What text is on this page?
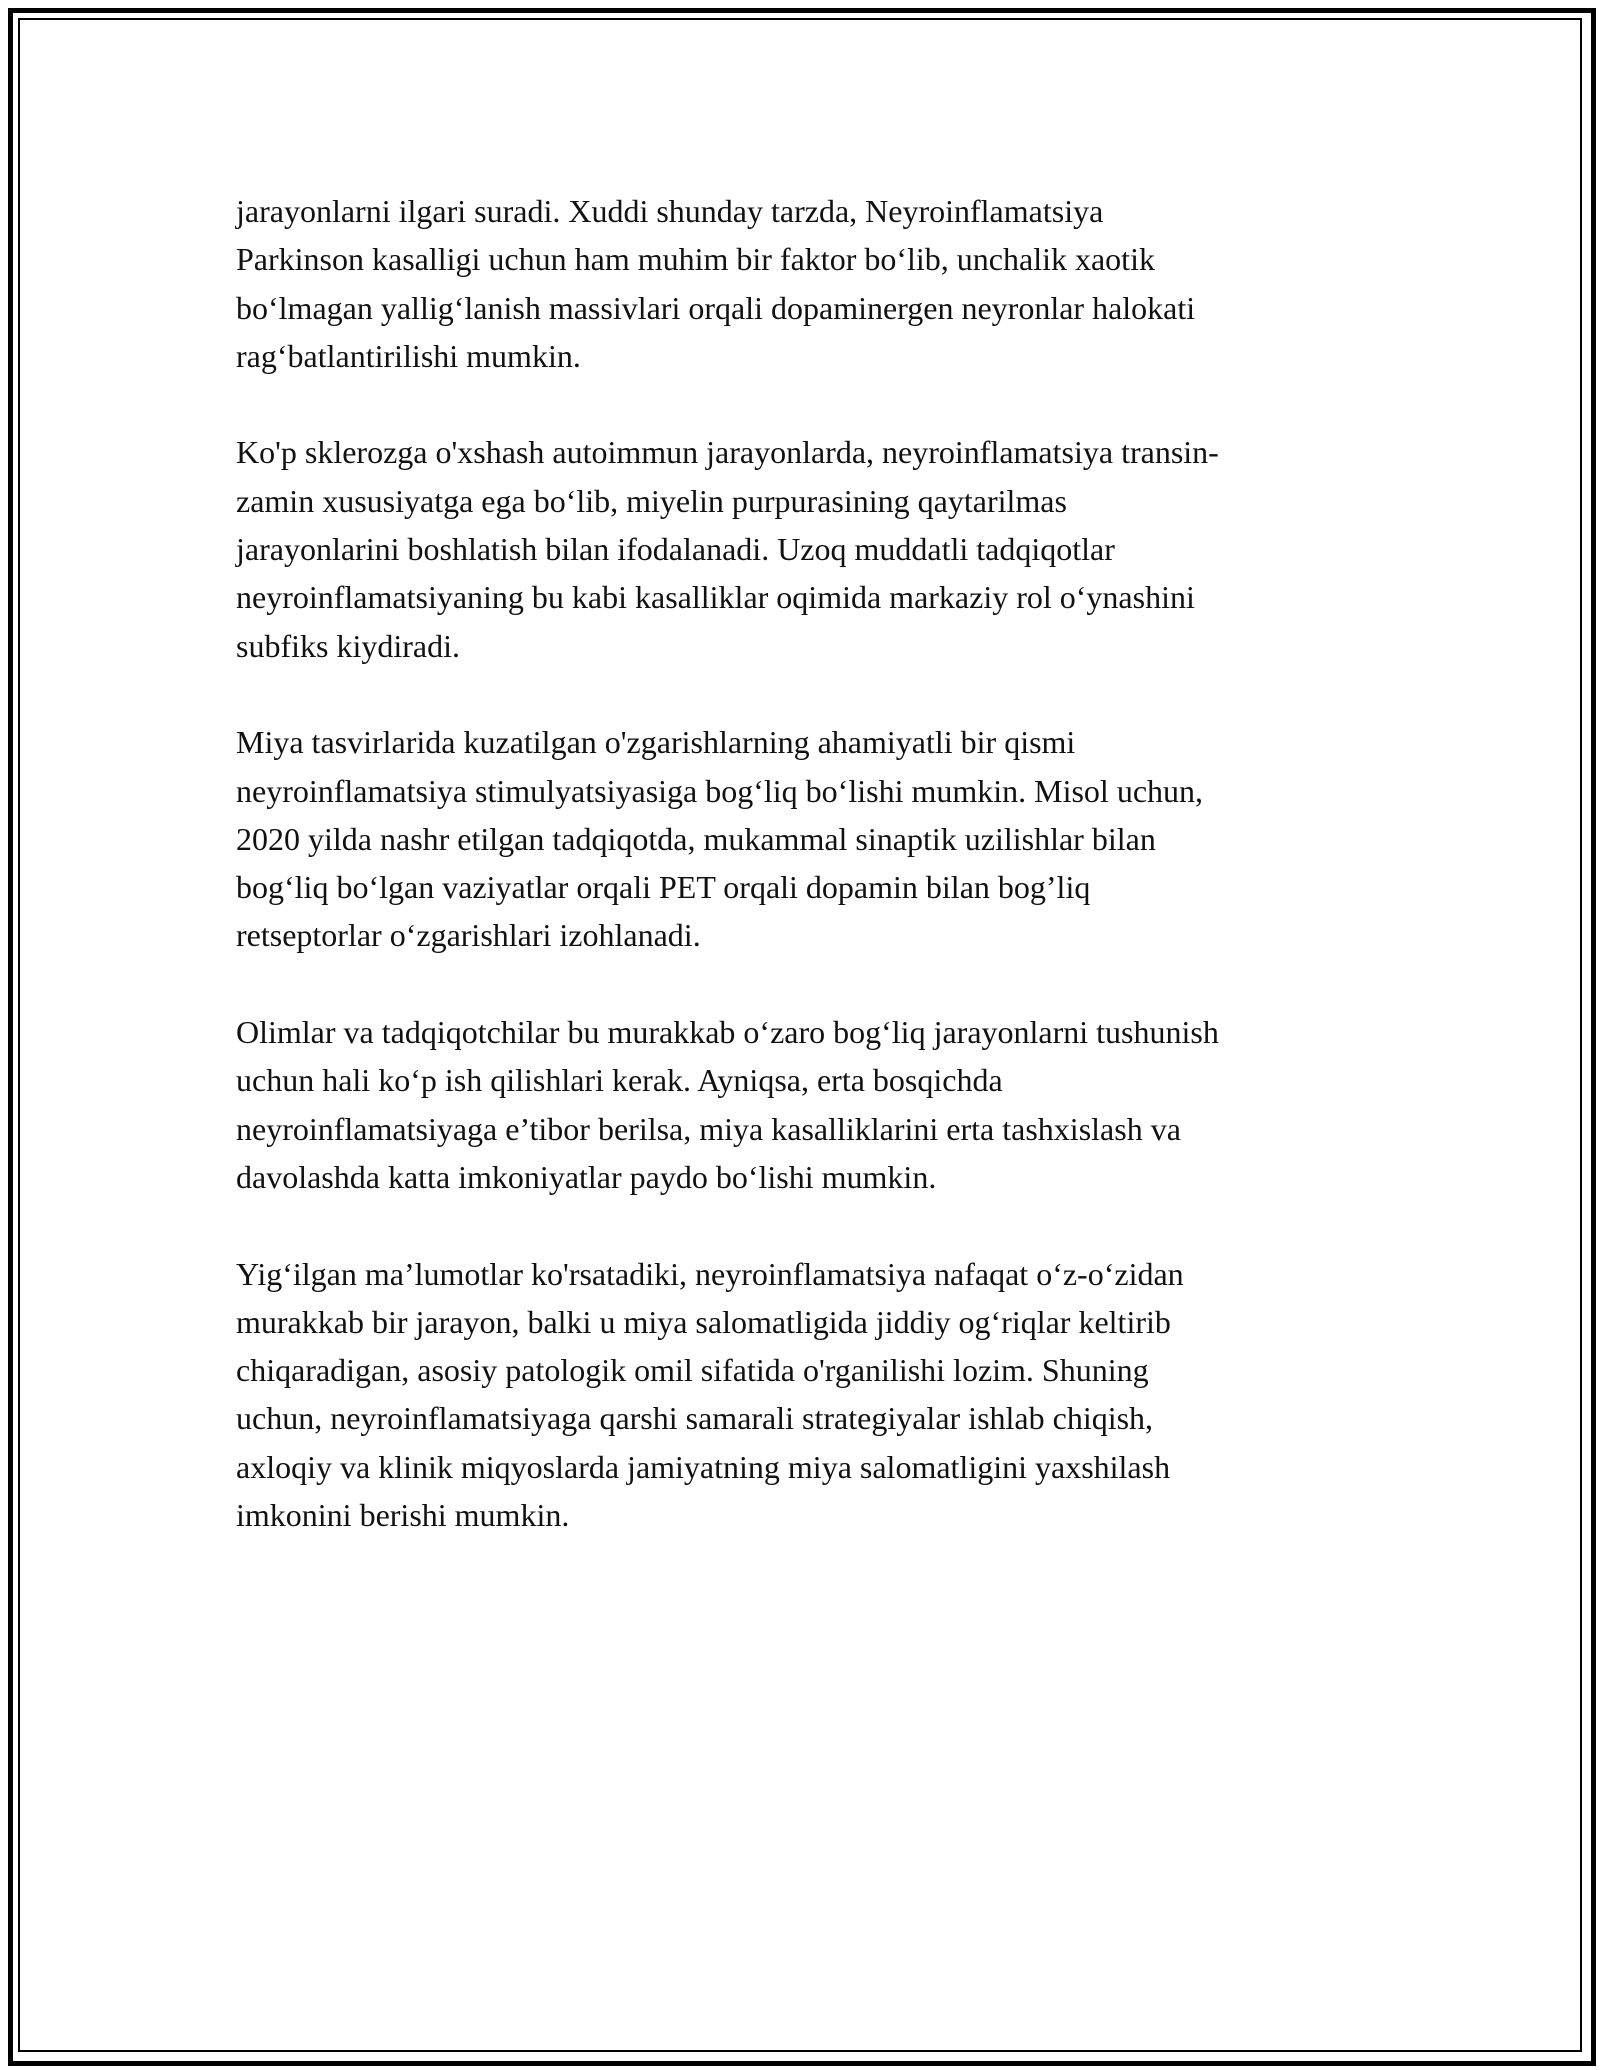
jarayonlarni ilgari suradi. Xuddi shunday tarzda, Neyroinflamatsiya
Parkinson kasalligi uchun ham muhim bir faktor bo‘lib, unchalik xaotik
bo‘lmagan yallig‘lanish massivlari orqali dopaminergen neyronlar halokati
rag‘batlantirilishi mumkin.

Ko'p sklerozga o'xshash autoimmun jarayonlarda, neyroinflamatsiya transin-
zamin xususiyatga ega bo‘lib, miyelin purpurasining qaytarilmas
jarayonlarini boshlatish bilan ifodalanadi. Uzoq muddatli tadqiqotlar
neyroinflamatsiyaning bu kabi kasalliklar oqimida markaziy rol o‘ynashini
subfiks kiydiradi.

Miya tasvirlarida kuzatilgan o'zgarishlarning ahamiyatli bir qismi
neyroinflamatsiya stimulyatsiyasiga bog‘liq bo‘lishi mumkin. Misol uchun,
2020 yilda nashr etilgan tadqiqotda, mukammal sinaptik uzilishlar bilan
bog‘liq bo‘lgan vaziyatlar orqali PET orqali dopamin bilan bog’liq
retseptorlar o‘zgarishlari izohlanadi.

Olimlar va tadqiqotchilar bu murakkab o‘zaro bog‘liq jarayonlarni tushunish
uchun hali ko‘p ish qilishlari kerak. Ayniqsa, erta bosqichda
neyroinflamatsiyaga e’tibor berilsa, miya kasalliklarini erta tashxislash va
davolashda katta imkoniyatlar paydo bo‘lishi mumkin.

Yig‘ilgan ma’lumotlar ko'rsatadiki, neyroinflamatsiya nafaqat o‘z-o‘zidan
murakkab bir jarayon, balki u miya salomatligida jiddiy og‘riqlar keltirib
chiqaradigan, asosiy patologik omil sifatida o'rganilishi lozim. Shuning
uchun, neyroinflamatsiyaga qarshi samarali strategiyalar ishlab chiqish,
axloqiy va klinik miqyoslarda jamiyatning miya salomatligini yaxshilash
imkonini berishi mumkin.
